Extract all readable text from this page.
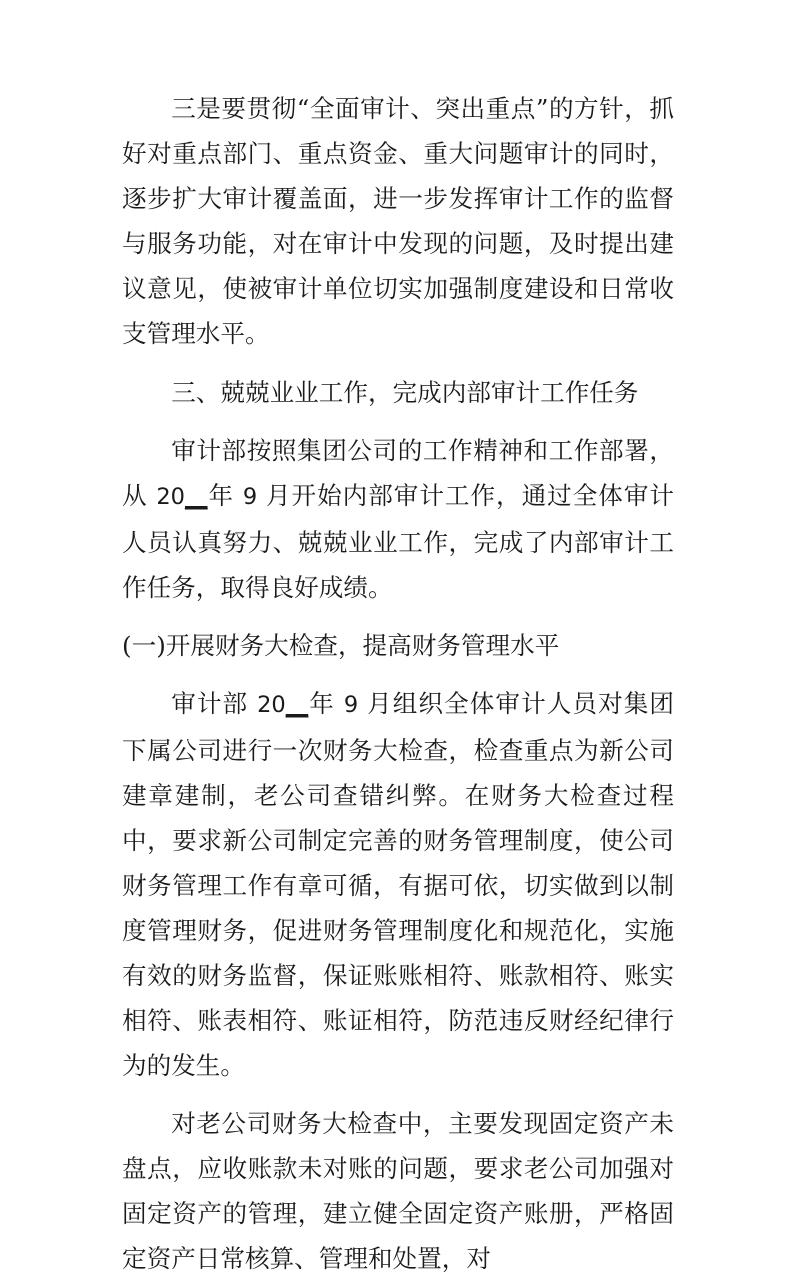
三是要贯彻“全面审计、突出重点”的方针，抓好对重点部门、重点资金、重大问题审计的同时，逐步扩大审计覆盖面，进一步发挥审计工作的监督与服务功能，对在审计中发现的问题，及时提出建议意见，使被审计单位切实加强制度建设和日常收支管理水平。

三、兢兢业业工作，完成内部审计工作任务

审计部按照集团公司的工作精神和工作部署，从 20__年 9 月开始内部审计工作，通过全体审计人员认真努力、兢兢业业工作，完成了内部审计工作任务，取得良好成绩。

(一)开展财务大检查，提高财务管理水平

审计部 20__年 9 月组织全体审计人员对集团下属公司进行一次财务大检查，检查重点为新公司建章建制，老公司查错纠弊。在财务大检查过程中，要求新公司制定完善的财务管理制度，使公司财务管理工作有章可循，有据可依，切实做到以制度管理财务，促进财务管理制度化和规范化，实施有效的财务监督，保证账账相符、账款相符、账实相符、账表相符、账证相符，防范违反财经纪律行为的发生。

对老公司财务大检查中，主要发现固定资产未盘点，应收账款未对账的问题，要求老公司加强对固定资产的管理，建立健全固定资产账册，严格固定资产日常核算、管理和处置，对
